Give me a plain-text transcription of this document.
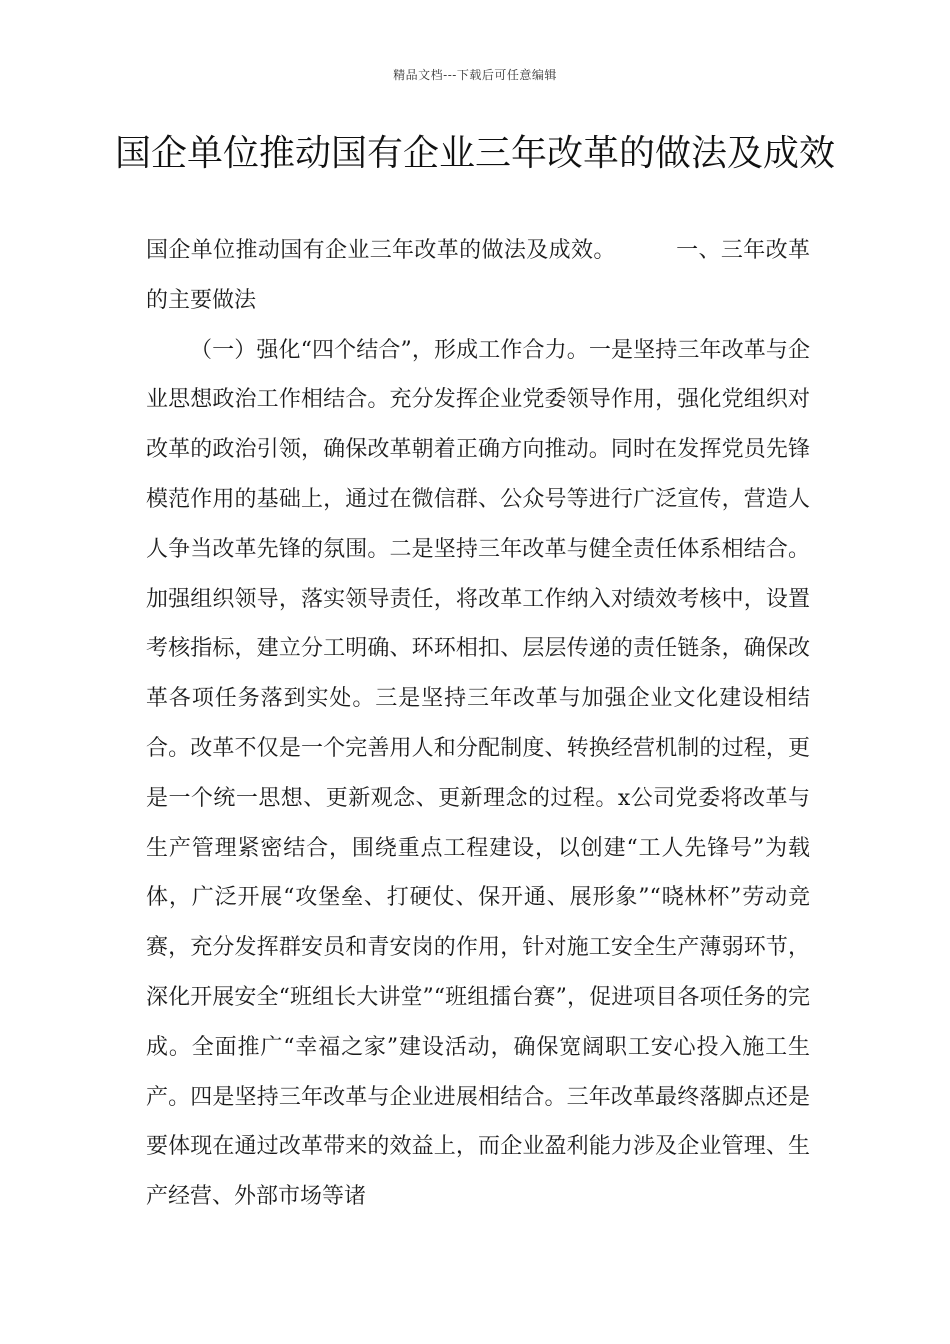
精品文档---下载后可任意编辑
国企单位推动国有企业三年改革的做法及成效

国企单位推动国有企业三年改革的做法及成效。	一、三年改革的主要做法

（一）强化“四个结合”，形成工作合力。一是坚持三年改革与企业思想政治工作相结合。充分发挥企业党委领导作用，强化党组织对改革的政治引领，确保改革朝着正确方向推动。同时在发挥党员先锋模范作用的基础上，通过在微信群、公众号等进行广泛宣传，营造人人争当改革先锋的氛围。二是坚持三年改革与健全责任体系相结合。加强组织领导，落实领导责任，将改革工作纳入对绩效考核中，设置考核指标，建立分工明确、环环相扣、层层传递的责任链条，确保改革各项任务落到实处。三是坚持三年改革与加强企业文化建设相结合。改革不仅是一个完善用人和分配制度、转换经营机制的过程，更是一个统一思想、更新观念、更新理念的过程。x公司党委将改革与生产管理紧密结合，围绕重点工程建设，以创建“工人先锋号”为载体，广泛开展“攻堡垒、打硬仗、保开通、展形象”“晓林杯”劳动竞赛，充分发挥群安员和青安岗的作用，针对施工安全生产薄弱环节，深化开展安全“班组长大讲堂”“班组擂台赛”，促进项目各项任务的完成。全面推广“幸福之家”建设活动，确保宽阔职工安心投入施工生产。四是坚持三年改革与企业进展相结合。三年改革最终落脚点还是要体现在通过改革带来的效益上，而企业盈利能力涉及企业管理、生产经营、外部市场等诸
